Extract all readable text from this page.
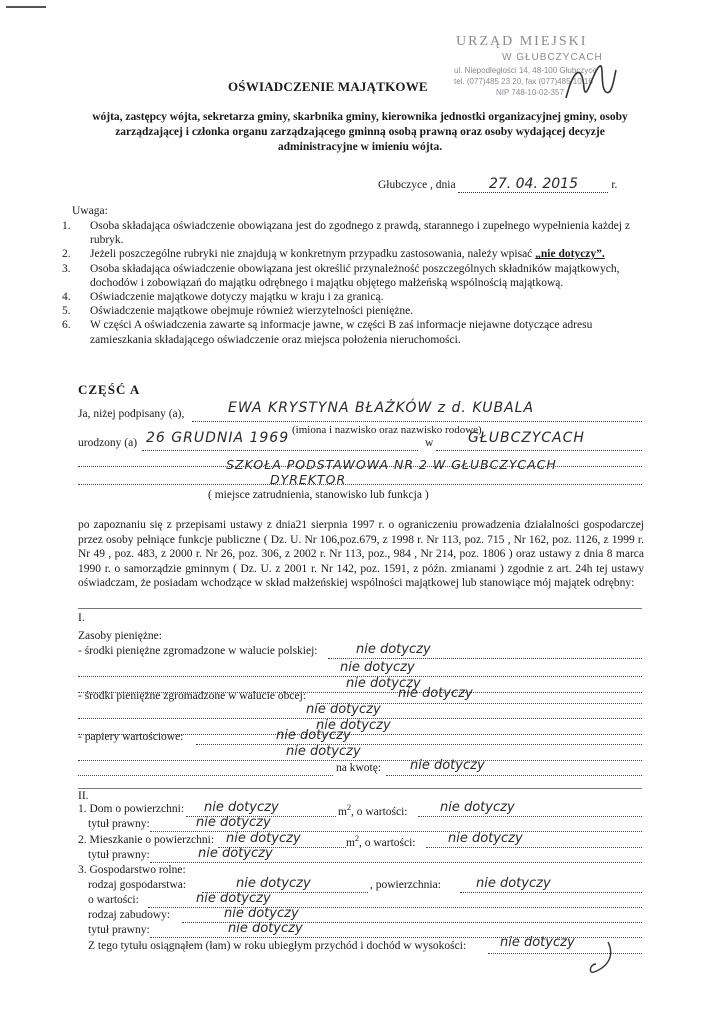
URZĄD MIEJSKI
W GŁUBCZYCACH
ul. Niepodległości 14, 48-100 Głubczyce
tel. (077)485 23 20, fax (077)485 10 16
NIP 748-10-02-357
OŚWIADCZENIE MAJĄTKOWE
wójta, zastępcy wójta, sekretarza gminy, skarbnika gminy, kierownika jednostki organizacyjnej gminy, osoby zarządzającej i członka organu zarządzającego gminną osobą prawną oraz osoby wydającej decyzje administracyjne w imieniu wójta.
Głubczyce , dnia 27. 04. 2015	r.
Uwaga:
1. Osoba składająca oświadczenie obowiązana jest do zgodnego z prawdą, starannego i zupełnego wypełnienia każdej z rubryk.
2. Jeżeli poszczególne rubryki nie znajdują w konkretnym przypadku zastosowania, należy wpisać „nie dotyczy”.
3. Osoba składająca oświadczenie obowiązana jest określić przynależność poszczególnych składników majątkowych, dochodów i zobowiązań do majątku odrębnego i majątku objętego małżeńską wspólnością majątkową.
4. Oświadczenie majątkowe dotyczy majątku w kraju i za granicą.
5. Oświadczenie majątkowe obejmuje również wierzytelności pieniężne.
6. W części A oświadczenia zawarte są informacje jawne, w części B zaś informacje niejawne dotyczące adresu zamieszkania składającego oświadczenie oraz miejsca położenia nieruchomości.
CZĘŚĆ A
Ja, niżej podpisany (a),	EWA KRYSTYNA BŁAŻKÓW z d. KUBALA
(imiona i nazwisko oraz nazwisko rodowe)
urodzony (a) 26 GRUDNIA 1969	w GŁUBCZYCACH
SZKOŁA PODSTAWOWA NR 2 W GŁUBCZYCACH
DYREKTOR
( miejsce zatrudnienia, stanowisko lub funkcja )
po zapoznaniu się z przepisami ustawy z dnia21 sierpnia 1997 r. o ograniczeniu prowadzenia działalności gospodarczej przez osoby pełniące funkcje publiczne ( Dz. U. Nr 106,poz.679, z 1998 r. Nr 113, poz. 715 , Nr 162, poz. 1126, z 1999 r. Nr 49 , poz. 483, z 2000 r. Nr 26, poz. 306, z 2002 r. Nr 113, poz., 984 , Nr 214, poz. 1806 ) oraz ustawy z dnia 8 marca 1990 r. o samorządzie gminnym ( Dz. U. z 2001 r. Nr 142, poz. 1591, z późn. zmianami ) zgodnie z art. 24h tej ustawy oświadczam, że posiadam wchodzące w skład małżeńskiej wspólności majątkowej lub stanowiące mój majątek odrębny:
I.
Zasoby pieniężne:
- środki pieniężne zgromadzone w walucie polskiej:	nie dotyczy
nie dotyczy
nie dotyczy
- środki pieniężne zgromadzone w walucie obcej:	nie dotyczy
nie dotyczy
nie dotyczy
- papiery wartościowe:	nie dotyczy
nie dotyczy
na kwotę: nie dotyczy
II.
1. Dom o powierzchni: nie dotyczy	$m^2$, o wartości:	nie dotyczy
tytuł prawny:	nie dotyczy
2. Mieszkanie o powierzchni: nie dotyczy	$m^2$, o wartości:	nie dotyczy
tytuł prawny:	nie dotyczy
3. Gospodarstwo rolne:
rodzaj gospodarstwa:	nie dotyczy	, powierzchnia:	nie dotyczy
o wartości:	nie dotyczy
rodzaj zabudowy:	nie dotyczy
tytuł prawny:	nie dotyczy
Z tego tytułu osiągnąłem (łam) w roku ubiegłym przychód i dochód w wysokości:	nie dotyczy
